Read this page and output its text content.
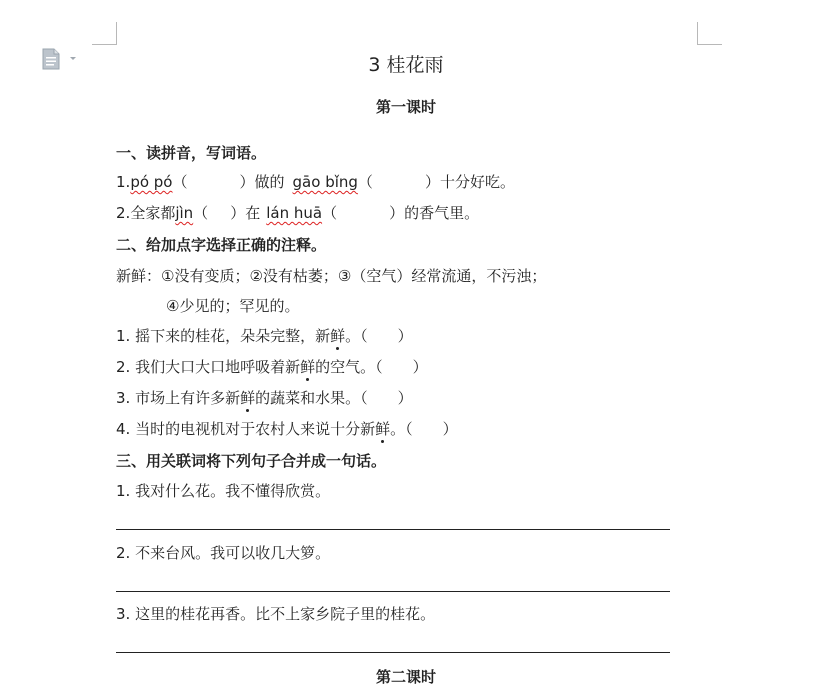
3 桂花雨
第一课时
一、读拼音，写词语。
1.pó pó（	）做的 gāo bǐng（	）十分好吃。
2.全家都jìn（ ）在 lán huā（	）的香气里。
二、给加点字选择正确的注释。
新鲜：①没有变质；②没有枯萎；③（空气）经常流通，不污浊；
④少见的；罕见的。
1. 摇下来的桂花，朵朵完整，新鲜。（　　）
2. 我们大口大口地呼吸着新鲜的空气。（　　）
3. 市场上有许多新鲜的蔬菜和水果。（　　）
4. 当时的电视机对于农村人来说十分新鲜。（　　）
三、用关联词将下列句子合并成一句话。
1. 我对什么花。我不懂得欣赏。
2. 不来台风。我可以收几大箩。
3. 这里的桂花再香。比不上家乡院子里的桂花。
第二课时
